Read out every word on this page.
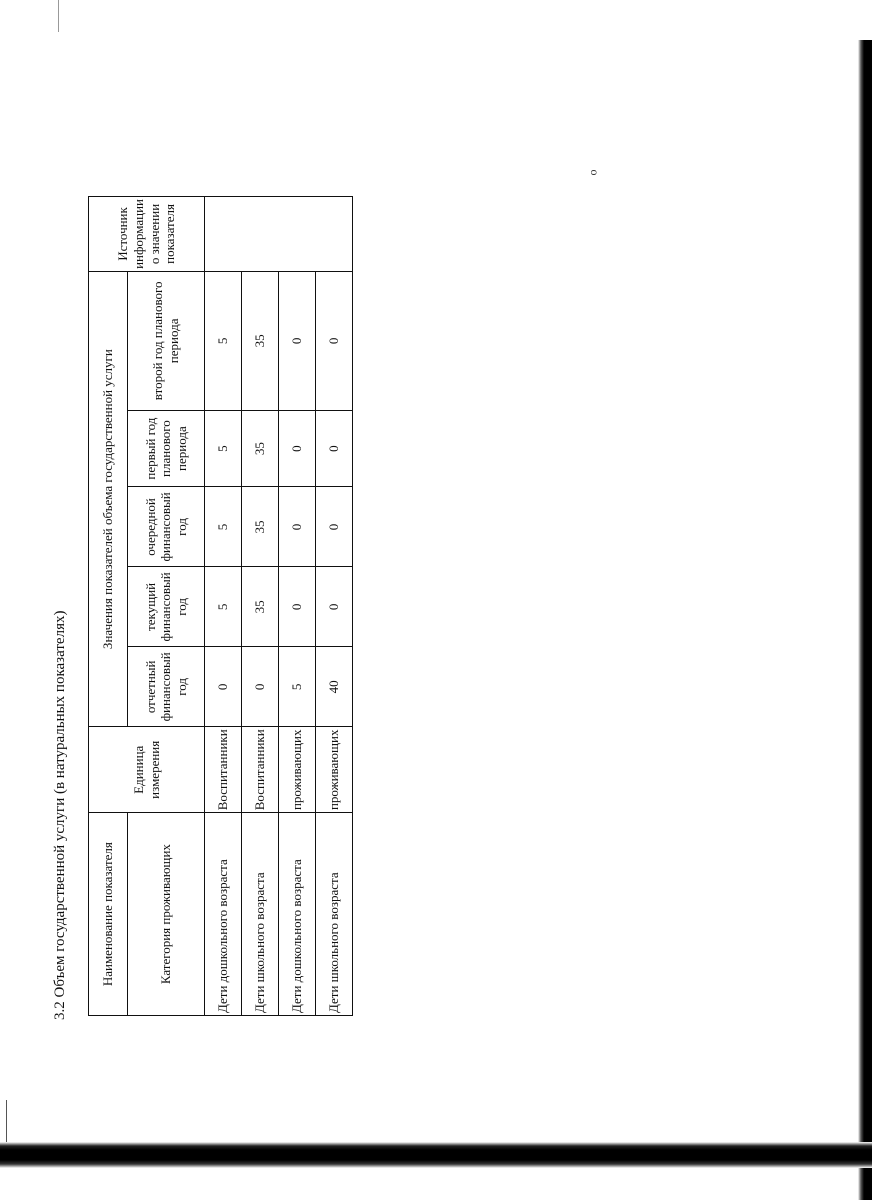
o
3.2 Объем государственной услуги (в натуральных показателях) Наименование показателя	Единица измерения	Значения показателей объема государственной услуги					Источник информации о значении показателя
Категория проживающих		отчетный финансовый год	текущий финансовый год	очередной финансовый год	первый год планового периода	второй год планового периода	
Дети дошкольного возраста	Воспитанники	0	5	5	5	5	
Дети школьного возраста	Воспитанники	0	35	35	35	35	
Дети дошкольного возраста	проживающих	5	0	0	0	0	
Дети школьного возраста	проживающих	40	0	0	0	0	
